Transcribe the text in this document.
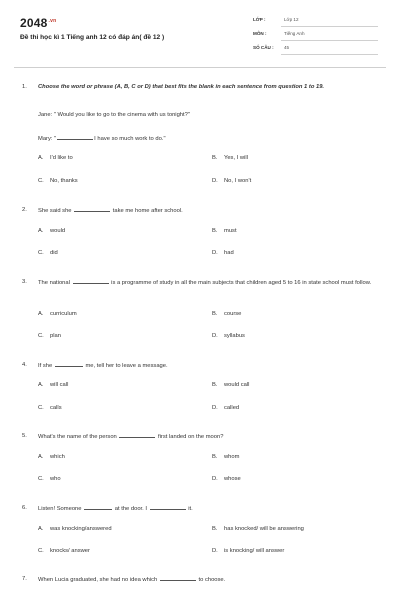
$2048^{.vn}$
Đề thi học kì 1 Tiếng anh 12 có đáp án( đề 12 )
LỚP :	Lớp 12
MÔN :	Tiếng Anh
SỐ CÂU : 45
1. Choose the word or phrase (A, B, C or D) that best fits the blank in each sentence from question 1 to 19.
Jane: " Would you like to go to the cinema with us tonight?"
Mary: "	I have so much work to do."
A. I'd like to	B. Yes, I will
C. No, thanks	D. No, I won't
2. She said she	take me home after school.
A. would	B. must
C. did	D. had
3. The national	is a programme of study in all the main subjects that children aged 5 to 16 in state school must follow.
A. curriculum	B. course
C. plan	D. syllabus
4. If she	me, tell her to leave a message.
A. will call	B. would call
C. calls	D. called
5. What's the name of the person	first landed on the moon?
A. which	B. whom
C. who	D. whose
6. Listen! Someone	at the door. I	it.
A. was knocking/answered	B. has knocked/ will be answering
C. knocks/ answer	D. is knocking/ will answer
7. When Lucia graduated, she had no idea which	to choose.
